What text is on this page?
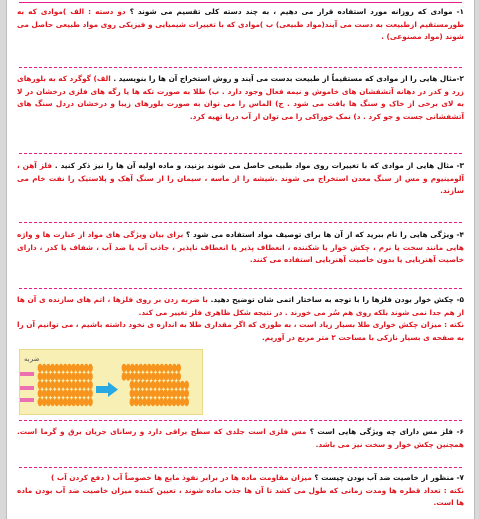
۱- موادی که روزانه مورد استفاده قرار می دهیم ، به چند دسته کلی تقسیم می شوند ؟ دو دسته : الف )موادی که به طورمستقیم ازطبیعت به دست می آیند(مواد طبیعی) ب )موادی که با تغییرات شیمیایی و فیزیکی روی مواد طبیعی حاصل می شوند (مواد مصنوعی) .
۲-مثال هایی را از موادی که مستقیماً از طبیعت بدست می آیند و روش استخراج آن ها را بنویسید . الف) گوگرد که به بلورهای زرد و کدر در دهانه آتشفشان های خاموش و نیمه فعال وجود دارد . ب) طلا به صورت تکه ها یا رگه های فلزی درخشان در لا به لای برخی از خاک و سنگ ها یافت می شود . ج) الماس را می توان به صورت بلورهای زیبا و درخشان دردل سنگ های آتشفشانی جست و جو کرد . د) نمک خوراکی را می توان از آب دریا تهیه کرد.
۳- مثال هایی از موادی که با تغییرات روی مواد طبیعی حاصل می شوند بزنید، و ماده اولیه آن ها را نیز ذکر کنید . فلز آهن ، آلومینیوم و مس از سنگ معدن استخراج می شوند .شیشه را از ماسه ، سیمان را از سنگ آهک و پلاستیک را نفت خام می سازند.
۴- ویژگی هایی را نام ببرید که از آن ها برای توصیف مواد استفاده می شود ؟ برای بیان ویژگی های مواد از عبارت ها و واژه هایی مانند سخت یا نرم ، چکش خوار یا شکننده ، انعطاف پذیر یا انعطاف ناپذیر ، جاذب آب یا ضد آب ، شفاف یا کدر ، دارای خاصیت آهنربایی یا بدون خاصیت آهنربایی استفاده می کنند.
۵- چکش خوار بودن فلزها را با توجه به ساختار اتمی شان توضیح دهید. با ضربه زدن بر روی فلزها ، اتم های سازنده ی آن ها از هم جدا نمی شوند بلکه روی هم سُر می خورند . در نتیجه شکل ظاهری فلز تغییر می کند.
نکته : میزان چکش خواری طلا بسیار زیاد است ، به طوری که اگر مقداری طلا به اندازه ی نخود داشته باشیم ، می توانیم آن را به صفحه ی بسیار نازکی با مساحت ۲ متر مربع در آوریم.
ضربه
۶- فلز مس دارای چه ویژگی هایی است ؟ مس فلزی است جلدی که سطح براقی دارد و رسانای جریان برق و گرما است. همچنین چکش خوار و سخت نیز می باشد.
۷- منظور از خاصیت ضد آب بودن چیست ؟ میزان مقاومت ماده ها در برابر نفوذ مایع ها خصوصاً آب ( دفع کردن آب )
نکته : تعداد قطره ها ومدت زمانی که طول می کشد تا آن ها جذب ماده شوند ، تعیین کننده میزان خاصیت ضد آب بودن ماده ها است.
